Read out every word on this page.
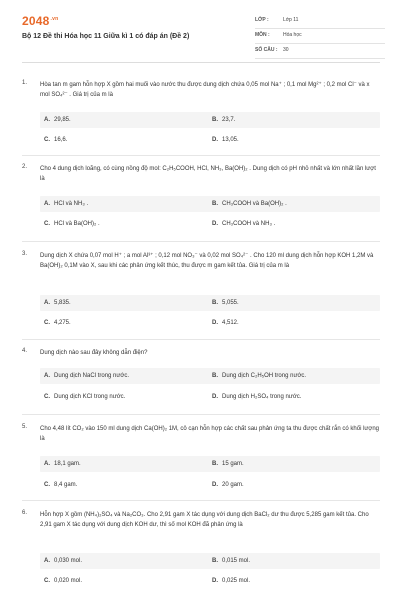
$2048^{.vn}$
Bộ 12 Đề thi Hóa học 11 Giữa kì 1 có đáp án (Đề 2)
LỚP :	Lớp 11
MÔN :	Hóa học
SỐ CÂU : 30
1. Hòa tan m gam hỗn hợp X gồm hai muối vào nước thu được dung dịch chứa 0,05 mol Na⁺ ; 0,1 mol Mg²⁺ ; 0,2 mol Cl⁻ và x mol SO₄²⁻ . Giá trị của m là
A. 29,85.	B. 23,7.
C. 16,6.	D. 13,05.
2. Cho 4 dung dịch loãng, có cùng nồng độ mol: C₂H₅COOH, HCl, NH₃, Ba(OH)₂ . Dung dịch có pH nhỏ nhất và lớn nhất lần lượt là
A. HCl và NH₃ .	B. CH₃COOH và Ba(OH)₂ .
C. HCl và Ba(OH)₂ .	D. CH₃COOH và NH₃ .
3. Dung dịch X chứa 0,07 mol H⁺ ; a mol Al³⁺ ; 0,12 mol NO₃⁻ và 0,02 mol SO₄²⁻ . Cho 120 ml dung dịch hỗn hợp KOH 1,2M và Ba(OH)₂ 0,1M vào X, sau khi các phản ứng kết thúc, thu được m gam kết tủa. Giá trị của m là
A. 5,835.	B. 5,055.
C. 4,275.	D. 4,512.
4. Dung dịch nào sau đây không dẫn điện?
A. Dung dịch NaCl trong nước.	B. Dung dịch C₂H₅OH trong nước.
C. Dung dịch KCl trong nước.	D. Dung dịch H₂SO₄ trong nước.
5. Cho 4,48 lít CO₂ vào 150 ml dung dịch Ca(OH)₂ 1M, cô cạn hỗn hợp các chất sau phản ứng ta thu được chất rắn có khối lượng là
A. 18,1 gam.	B. 15 gam.
C. 8,4 gam.	D. 20 gam.
6. Hỗn hợp X gồm (NH₄)₂SO₄ và Na₂CO₃. Cho 2,91 gam X tác dụng với dung dịch BaCl₂ dư thu được 5,285 gam kết tủa. Cho 2,91 gam X tác dụng với dung dịch KOH dư, thì số mol KOH đã phản ứng là
A. 0,030 mol.	B. 0,015 mol.
C. 0,020 mol.	D. 0,025 mol.
